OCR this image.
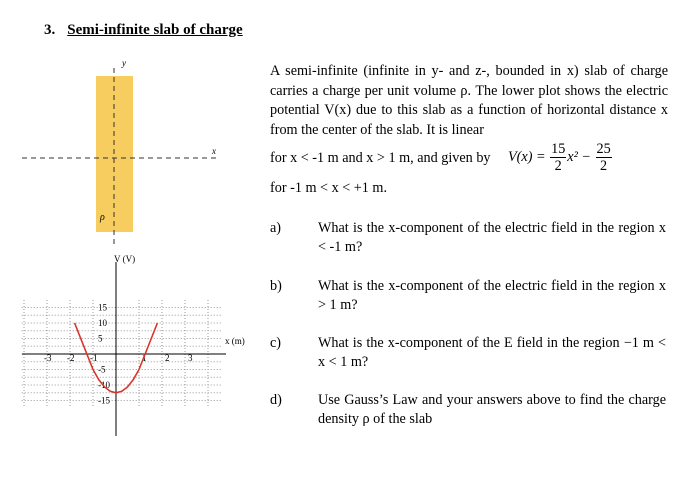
3. Semi-infinite slab of charge
y
x
ρ
V (V)
x (m)
-3 -2 -1	1 2 3
15
10
5
-5
-10
-15
A semi-infinite (infinite in y- and z-, bounded in x) slab of charge carries a charge per unit volume ρ. The lower plot shows the electric potential V(x) due to this slab as a function of horizontal distance x from the center of the slab. It is linear
for x < -1 m and x > 1 m, and given by $V(x) = \frac{15}{2} x^2 - \frac{25}{2}$
for -1 m < x < +1 m.
a)	What is the x-component of the electric field in the region x < -1 m?
b)	What is the x-component of the electric field in the region x > 1 m?
c)	What is the x-component of the E field in the region −1 m < x < 1 m?
d)	Use Gauss’s Law and your answers above to find the charge density ρ of the slab
